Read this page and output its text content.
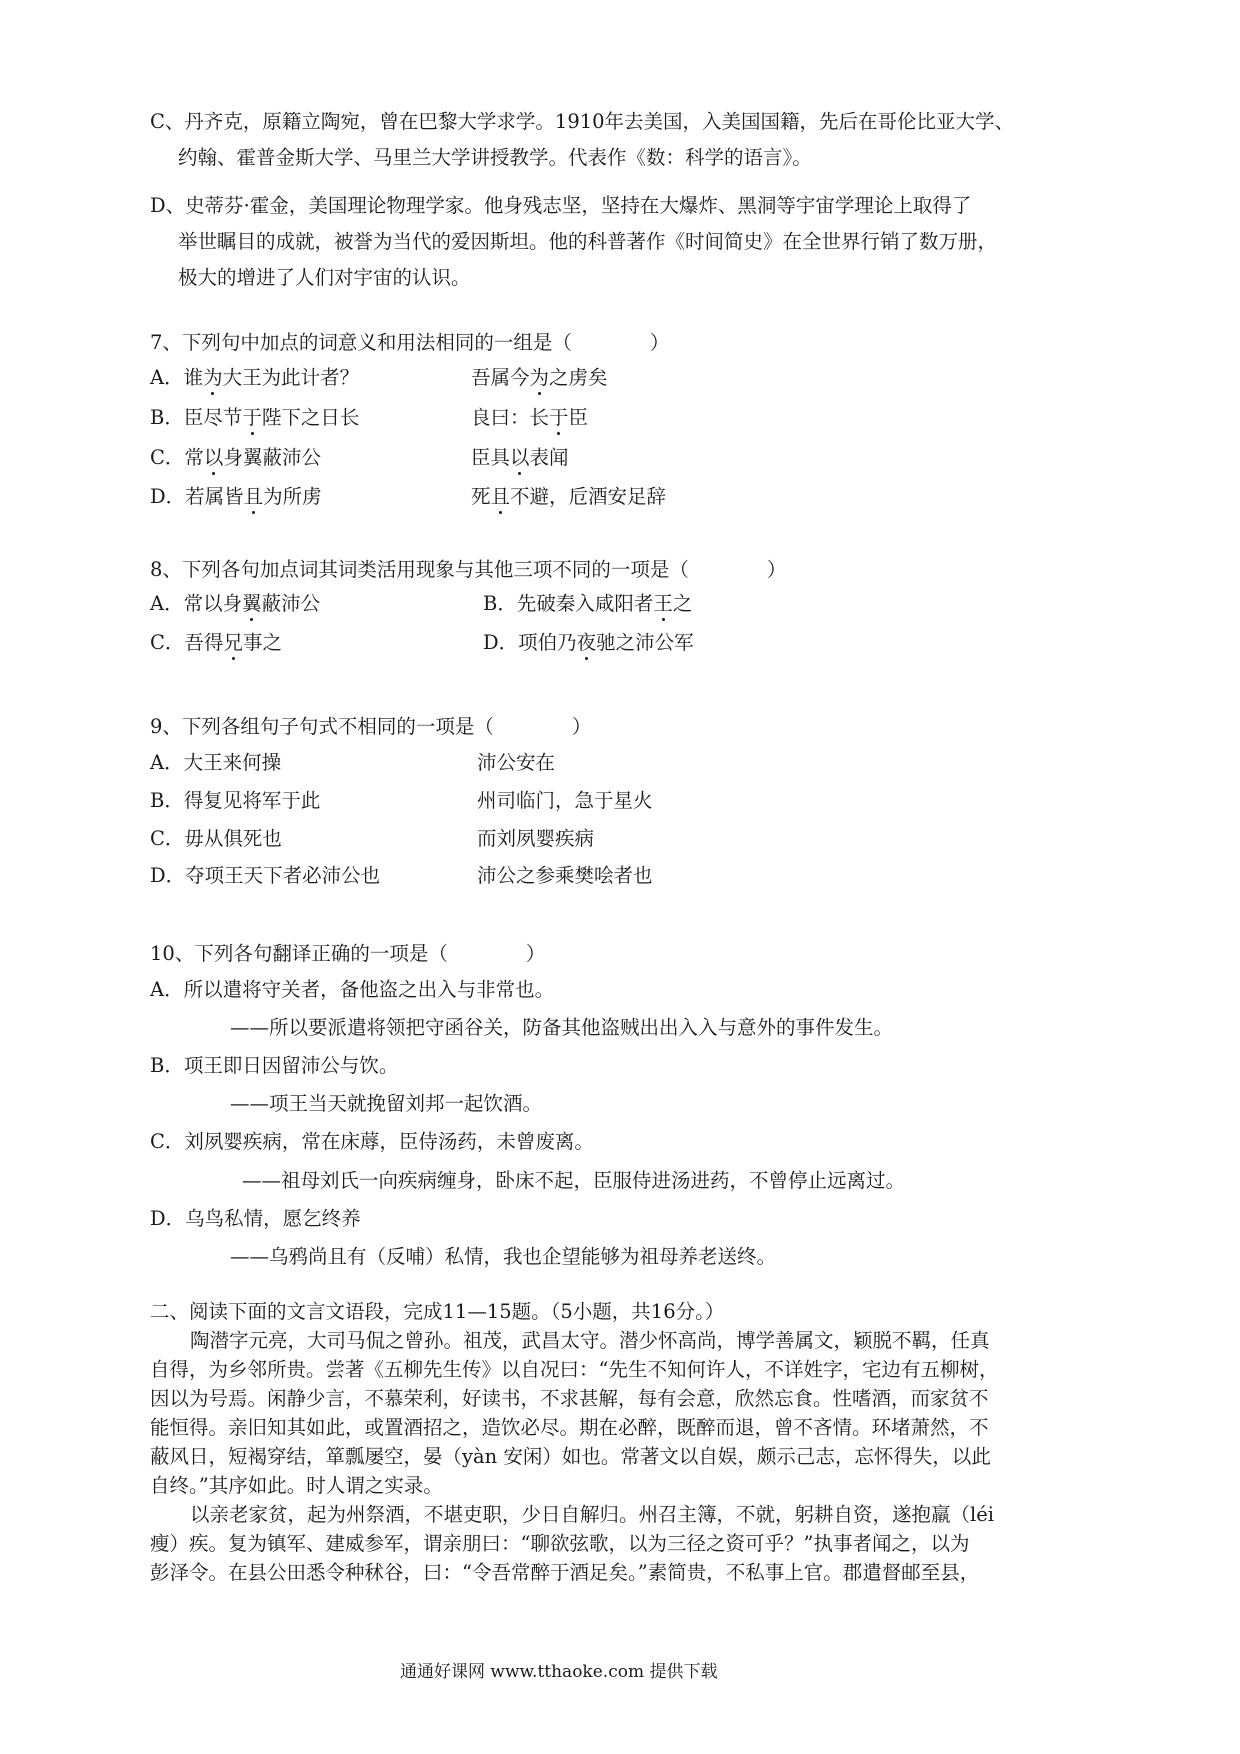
C、丹齐克，原籍立陶宛，曾在巴黎大学求学。1910年去美国，入美国国籍，先后在哥伦比亚大学、
约翰、霍普金斯大学、马里兰大学讲授教学。代表作《数：科学的语言》。
D、史蒂芬·霍金，美国理论物理学家。他身残志坚，坚持在大爆炸、黑洞等宇宙学理论上取得了
举世瞩目的成就，被誉为当代的爱因斯坦。他的科普著作《时间简史》在全世界行销了数万册，
极大的增进了人们对宇宙的认识。
7、下列句中加点的词意义和用法相同的一组是（　　　　）
A．谁为大王为此计者？	吾属今为之虏矣
B．臣尽节于陛下之日长	良曰：长于臣
C．常以身翼蔽沛公	臣具以表闻
D．若属皆且为所虏	死且不避，卮酒安足辞
8、下列各句加点词其词类活用现象与其他三项不同的一项是（　　　　）
A．常以身翼蔽沛公	B．先破秦入咸阳者王之
C．吾得兄事之	D．项伯乃夜驰之沛公军
9、下列各组句子句式不相同的一项是（　　　　）
A．大王来何操	沛公安在
B．得复见将军于此	州司临门，急于星火
C．毋从俱死也	而刘夙婴疾病
D．夺项王天下者必沛公也	沛公之参乘樊哙者也
10、下列各句翻译正确的一项是（　　　　）
A．所以遣将守关者，备他盗之出入与非常也。
——所以要派遣将领把守函谷关，防备其他盗贼出出入入与意外的事件发生。
B．项王即日因留沛公与饮。
——项王当天就挽留刘邦一起饮酒。
C．刘夙婴疾病，常在床蓐，臣侍汤药，未曾废离。
——祖母刘氏一向疾病缠身，卧床不起，臣服侍进汤进药，不曾停止远离过。
D．乌鸟私情，愿乞终养
——乌鸦尚且有（反哺）私情，我也企望能够为祖母养老送终。
二、阅读下面的文言文语段，完成11—15题。（5小题，共16分。）
陶潜字元亮，大司马侃之曾孙。祖茂，武昌太守。潜少怀高尚，博学善属文，颖脱不羁，任真
自得，为乡邻所贵。尝著《五柳先生传》以自况曰：“先生不知何许人，不详姓字，宅边有五柳树，
因以为号焉。闲静少言，不慕荣利，好读书，不求甚解，每有会意，欣然忘食。性嗜酒，而家贫不
能恒得。亲旧知其如此，或置酒招之，造饮必尽。期在必醉，既醉而退，曾不吝情。环堵萧然，不
蔽风日，短褐穿结，箪瓢屡空，晏（yàn 安闲）如也。常著文以自娱，颇示己志，忘怀得失，以此
自终。”其序如此。时人谓之实录。
以亲老家贫，起为州祭酒，不堪吏职，少日自解归。州召主簿，不就，躬耕自资，遂抱羸（léi
瘦）疾。复为镇军、建威参军，谓亲朋曰：“聊欲弦歌，以为三径之资可乎？”执事者闻之，以为
彭泽令。在县公田悉令种秫谷，曰：“令吾常醉于酒足矣。”素简贵，不私事上官。郡遣督邮至县，
通通好课网 www.tthaoke.com 提供下载
